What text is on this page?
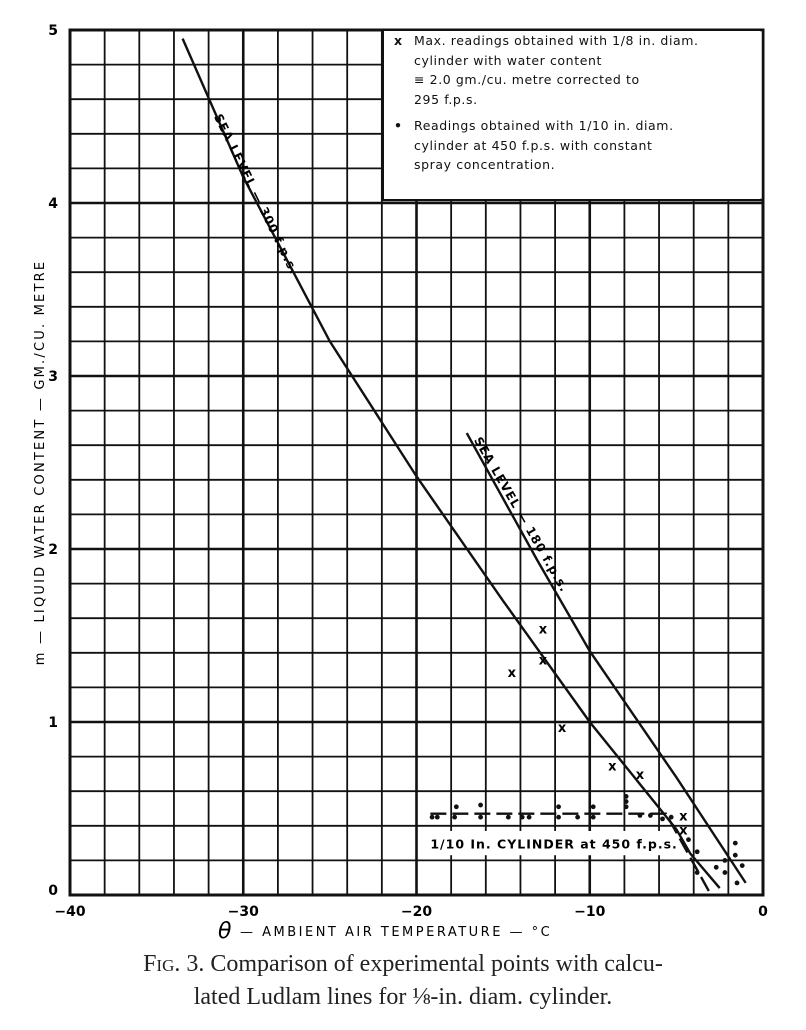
1/10 In. CYLINDER at 450 f.p.s.
−40	−30	−20	−10	0
0
1
2
3
4
5
θ — AMBIENT AIR TEMPERATURE — °C
m — LIQUID WATER CONTENT — GM./CU. METRE
x
x
x
x
x
x
x
x
SEA LEVEL — 300 f.p.s.
SEA LEVEL — 180 f.p.s.
x Max. readings obtained with 1/8 in. diam.
cylinder with water content
≡ 2.0 gm./cu. metre corrected to
295 f.p.s.
• Readings obtained with 1/10 in. diam.
cylinder at 450 f.p.s. with constant
spray concentration.
Fig. 3. Comparison of experimental points with calcu-
lated Ludlam lines for ⅛-in. diam. cylinder.
